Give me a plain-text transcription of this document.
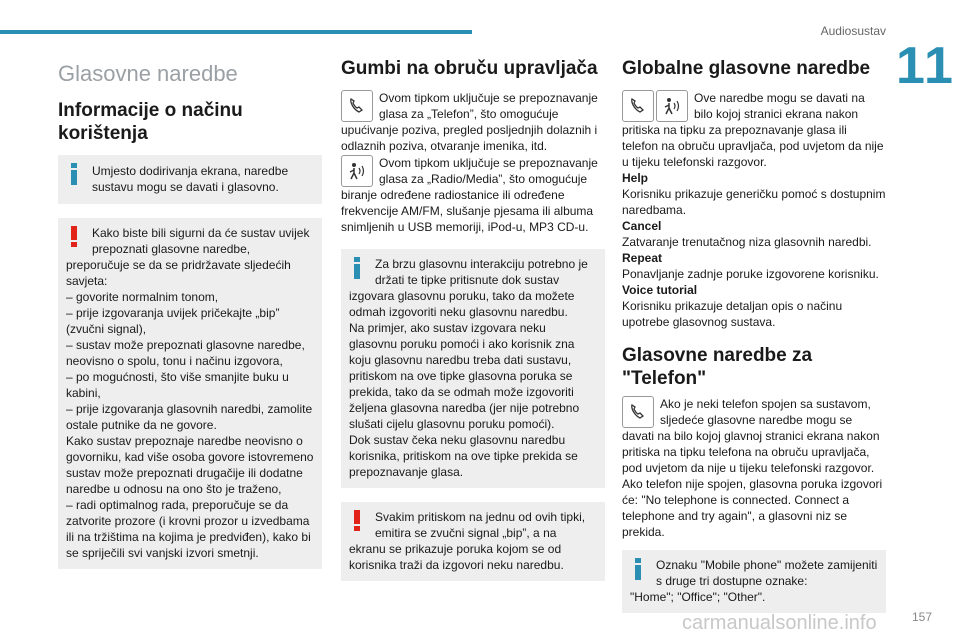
Audiosustav
11
Glasovne naredbe
Informacije o načinu korištenja
Umjesto dodirivanja ekrana, naredbe sustavu mogu se davati i glasovno.
Kako biste bili sigurni da će sustav uvijek prepoznati glasovne naredbe,

preporučuje se da se pridržavate sljedećih savjeta:

– govorite normalnim tonom,

– prije izgovaranja uvijek pričekajte „bip” (zvučni signal),

– sustav može prepoznati glasovne naredbe, neovisno o spolu, tonu i načinu izgovora,

– po mogućnosti, što više smanjite buku u kabini,

– prije izgovaranja glasovnih naredbi, zamolite ostale putnike da ne govore.

Kako sustav prepoznaje naredbe neovisno o govorniku, kad više osoba govore istovremeno sustav može prepoznati drugačije ili dodatne naredbe u odnosu na ono što je traženo,

– radi optimalnog rada, preporučuje se da zatvorite prozore (i krovni prozor u izvedbama ili na tržištima na kojima je predviđen), kako bi se spriječili svi vanjski izvori smetnji.

Gumbi na obruču upravljača
Ovom tipkom uključuje se prepoznavanje glasa za „Telefon”, što omogućuje upućivanje poziva, pregled posljednjih dolaznih i odlaznih poziva, otvaranje imenika, itd.
Ovom tipkom uključuje se prepoznavanje glasa za „Radio/Media”, što omogućuje biranje određene radiostanice ili određene frekvencije AM/FM, slušanje pjesama ili albuma snimljenih u USB memoriji, iPod-u, MP3 CD-u.
Za brzu glasovnu interakciju potrebno je držati te tipke pritisnute dok sustav

izgovara glasovnu poruku, tako da možete odmah izgovoriti neku glasovnu naredbu.

Na primjer, ako sustav izgovara neku glasovnu poruku pomoći i ako korisnik zna koju glasovnu naredbu treba dati sustavu, pritiskom na ove tipke glasovna poruka se prekida, tako da se odmah može izgovoriti željena glasovna naredba (jer nije potrebno slušati cijelu glasovnu poruku pomoći).

Dok sustav čeka neku glasovnu naredbu korisnika, pritiskom na ove tipke prekida se prepoznavanje glasa.

Svakim pritiskom na jednu od ovih tipki, emitira se zvučni signal „bip”, a na

ekranu se prikazuje poruka kojom se od korisnika traži da izgovori neku naredbu.

Globalne glasovne naredbe
Ove naredbe mogu se davati na bilo kojoj stranici ekrana nakon pritiska na tipku za prepoznavanje glasa ili telefon na obruču upravljača, pod uvjetom da nije u tijeku telefonski razgovor.
Help

Korisniku prikazuje generičku pomoć s dostupnim naredbama.

Cancel

Zatvaranje trenutačnog niza glasovnih naredbi.

Repeat

Ponavljanje zadnje poruke izgovorene korisniku.

Voice tutorial

Korisniku prikazuje detaljan opis o načinu upotrebe glasovnog sustava.

Glasovne naredbe za "Telefon"
Ako je neki telefon spojen sa sustavom, sljedeće glasovne naredbe mogu se davati na bilo kojoj glavnoj stranici ekrana nakon pritiska na tipku telefona na obruču upravljača, pod uvjetom da nije u tijeku telefonski razgovor.

Ako telefon nije spojen, glasovna poruka izgovori će: "No telephone is connected. Connect a telephone and try again", a glasovni niz se prekida.

Oznaku "Mobile phone" možete zamijeniti s druge tri dostupne oznake:

"Home"; "Office"; "Other".

carmanualsonline.info	157
